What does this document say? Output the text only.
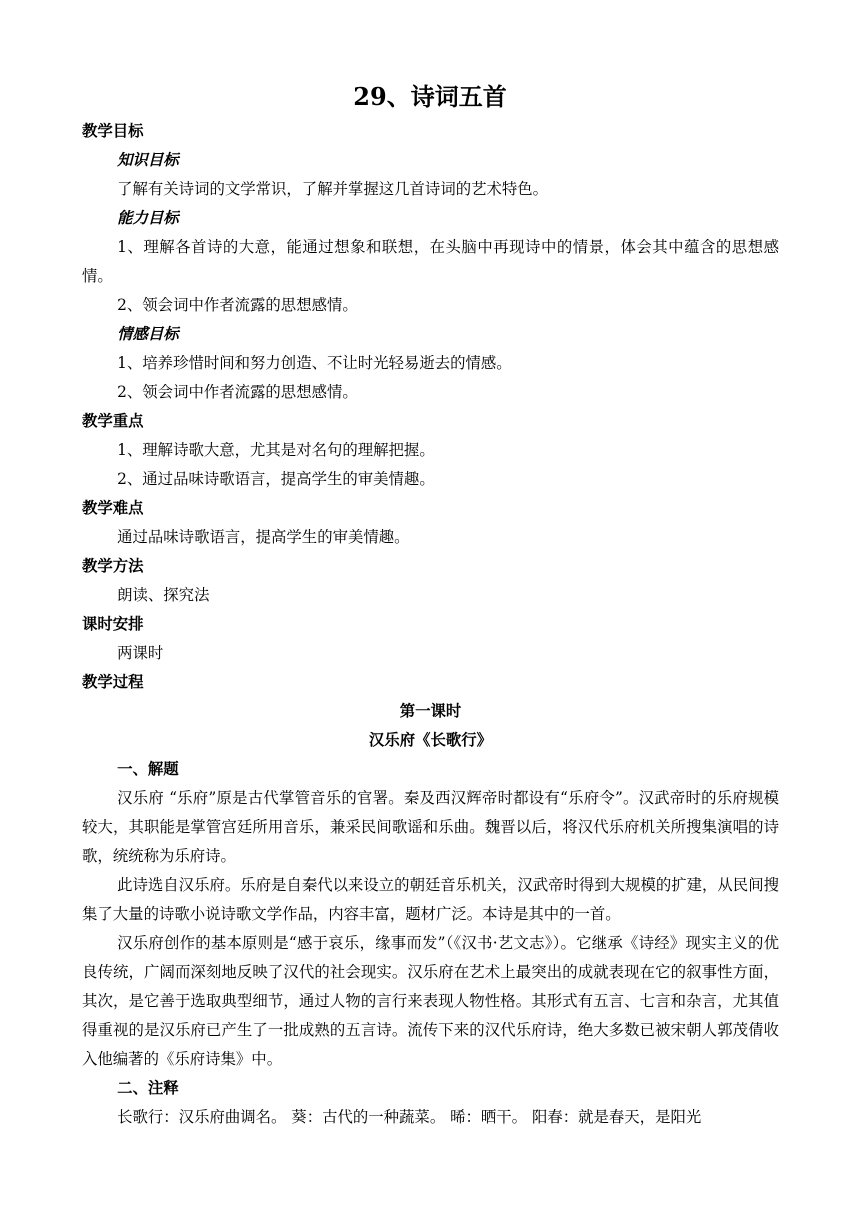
29、诗词五首

教学目标

知识目标

了解有关诗词的文学常识，了解并掌握这几首诗词的艺术特色。

能力目标

1、理解各首诗的大意，能通过想象和联想，在头脑中再现诗中的情景，体会其中蕴含的思想感情。

2、领会词中作者流露的思想感情。

情感目标

1、培养珍惜时间和努力创造、不让时光轻易逝去的情感。

2、领会词中作者流露的思想感情。

教学重点

1、理解诗歌大意，尤其是对名句的理解把握。

2、通过品味诗歌语言，提高学生的审美情趣。

教学难点

通过品味诗歌语言，提高学生的审美情趣。

教学方法

朗读、探究法

课时安排

两课时

教学过程

第一课时

汉乐府《长歌行》

一、解题

汉乐府 “乐府”原是古代掌管音乐的官署。秦及西汉辉帝时都设有“乐府令”。汉武帝时的乐府规模较大，其职能是掌管宫廷所用音乐，兼采民间歌谣和乐曲。魏晋以后，将汉代乐府机关所搜集演唱的诗歌，统统称为乐府诗。

此诗选自汉乐府。乐府是自秦代以来设立的朝廷音乐机关，汉武帝时得到大规模的扩建，从民间搜集了大量的诗歌小说诗歌文学作品，内容丰富，题材广泛。本诗是其中的一首。

汉乐府创作的基本原则是“感于哀乐，缘事而发”（《汉书·艺文志》）。它继承《诗经》现实主义的优良传统，广阔而深刻地反映了汉代的社会现实。汉乐府在艺术上最突出的成就表现在它的叙事性方面，其次，是它善于选取典型细节，通过人物的言行来表现人物性格。其形式有五言、七言和杂言，尤其值得重视的是汉乐府已产生了一批成熟的五言诗。流传下来的汉代乐府诗，绝大多数已被宋朝人郭茂倩收入他编著的《乐府诗集》中。

二、注释

长歌行：汉乐府曲调名。 葵：古代的一种蔬菜。 晞：晒干。 阳春：就是春天，是阳光
